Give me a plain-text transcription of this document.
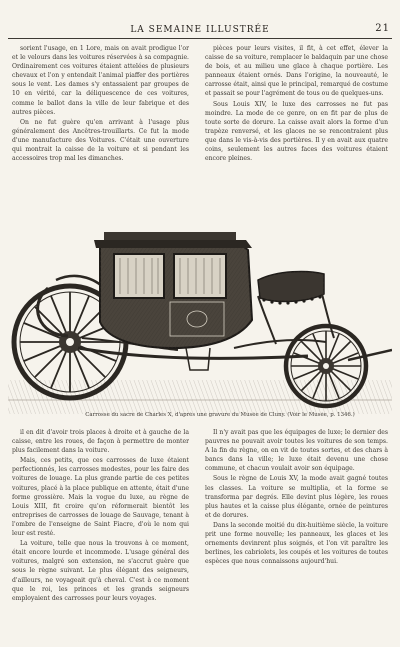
LA SEMAINE ILLUSTRÉE	21

sorient l'usage, en 1 Lore, mais on avait prodigue l'or et le velours dans les voitures réservées à sa compagnie. Ordinairement ces voitures étaient attelées de plusieurs chevaux et l'on y entendait l'animal piaffer des portières sous le vent. Les dames s'y entassaient par groupes de 10 en vérité, car la déliquescence de ces voitures, comme le ballot dans la ville de leur fabrique et des autres pièces.

On ne fut guère qu'en arrivant à l'usage plus généralement des Ancêtres-trouillarts. Ce fut la mode d'une manufacture des Voitures. C'était une ouverture qui montrait la caisse de la voiture et si pendant les accessoires trop mal les dimanches.

pièces pour leurs visites, il fit, à cet effet, élever la caisse de sa voiture, remplacer le baldaquin par une chose de bois, et au milieu une glace à chaque portière. Les panneaux étaient ornés. Dans l'origine, la nouveauté, le carrosse était, ainsi que le principal, remarqué de costume et passait se pour l'agrément de tous ou de quelques-uns.

Sous Louis XIV, le luxe des carrosses ne fut pas moindre. La mode de ce genre, on en fit par de plus de toute sorte de dorure. La caisse avait alors la forme d'un trapèze renversé, et les glaces ne se rencontraient plus que dans le vis-à-vis des portières. Il y en avait aux quatre coins, seulement les autres faces des voitures étaient encore pleines.

Carrosse du sacre de Charles X, d'après une gravure du Musée de Cluny. (Voir le Musée, p. 1346.)

il en dit d'avoir trois places à droite et à gauche de la caisse, entre les roues, de façon à permettre de monter plus facilement dans la voiture.

Mais, ces petits, que ces carrosses de luxe étaient perfectionnés, les carrosses modestes, pour les faire des voitures de louage. La plus grande partie de ces petites voitures, placé à la place publique en attente, était d'une forme grossière. Mais la vogue du luxe, au règne de Louis XIII, fit croire qu'on réformerait bientôt les entreprises de carrosses de louage de Sauvage, tenant à l'ombre de l'enseigne de Saint Fiacre, d'où le nom qui leur est resté.

La voiture, telle que nous la trouvons à ce moment, était encore lourde et incommode. L'usage général des voitures, malgré son extension, ne s'accrut guère que sous le règne suivant. Le plus élégant des seigneurs, d'ailleurs, ne voyageait qu'à cheval. C'est à ce moment que le roi, les princes et les grands seigneurs employaient des carrosses pour leurs voyages.

Il n'y avait pas que les équipages de luxe; le dernier des pauvres ne pouvait avoir toutes les voitures de son temps. A la fin du règne, on en vit de toutes sortes, et des chars à bancs dans la ville; le luxe était devenu une chose commune, et chacun voulait avoir son équipage.

Sous le règne de Louis XV, la mode avait gagné toutes les classes. La voiture se multiplia, et la forme se transforma par degrés. Elle devint plus légère, les roues plus hautes et la caisse plus élégante, ornée de peintures et de dorures.

Dans la seconde moitié du dix-huitième siècle, la voiture prit une forme nouvelle; les panneaux, les glaces et les ornements devinrent plus soignés, et l'on vit paraître les berlines, les cabriolets, les coupés et les voitures de toutes espèces que nous connaissons aujourd'hui.
